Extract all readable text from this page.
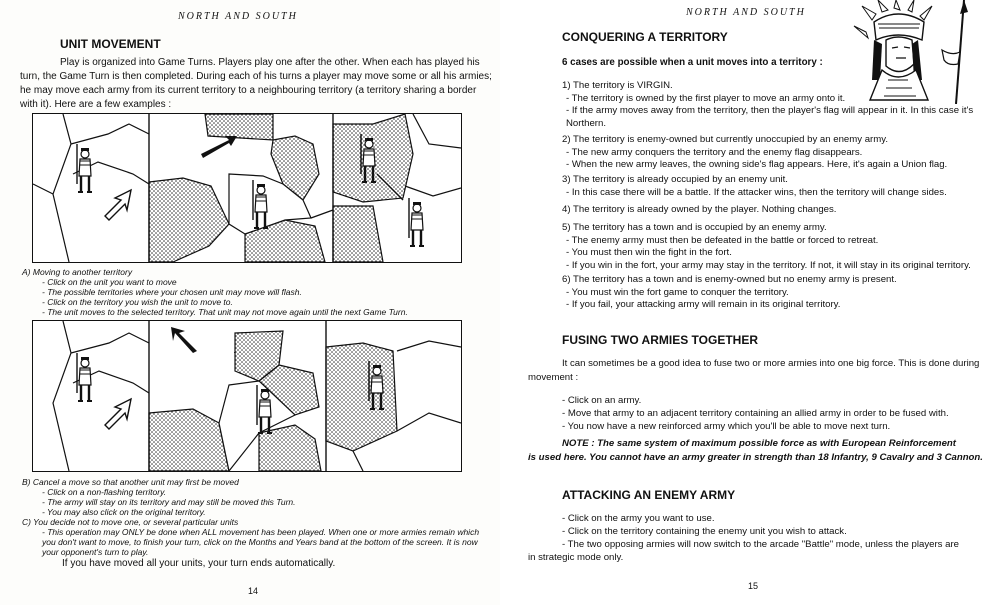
NORTH AND SOUTH
UNIT MOVEMENT
Play is organized into Game Turns. Players play one after the other. When each has played his
turn, the Game Turn is then completed. During each of his turns a player may move some or all his armies;
he may move each army from its current territory to a neighbouring territory (a territory sharing a border
with it). Here are a few examples :
A) Moving to another territory
- Click on the unit you want to move
- The possible territories where your chosen unit may move will flash.
- Click on the territory you wish the unit to move to.
- The unit moves to the selected territory. That unit may not move again until the next Game Turn.
· ·
B) Cancel a move so that another unit may first be moved
- Click on a non-flashing territory.
- The army will stay on its territory and may still be moved this Turn.
- You may also click on the original territory.
C) You decide not to move one, or several particular units
- This operation may ONLY be done when ALL movement has been played. When one or more armies remain which
you don't want to move, to finish your turn, click on the Months and Years band at the bottom of the screen. It is now
your opponent's turn to play.
If you have moved all your units, your turn ends automatically.
14
NORTH AND SOUTH
CONQUERING A TERRITORY
6 cases are possible when a unit moves into a territory :
1) The territory is VIRGIN.
- The territory is owned by the first player to move an army onto it.
- If the army moves away from the territory, then the player's flag will appear in it. In this case it's
Northern.
2) The territory is enemy-owned but currently unoccupied by an enemy army.
- The new army conquers the territory and the enemy flag disappears.
- When the new army leaves, the owning side's flag appears. Here, it's again a Union flag.
3) The territory is already occupied by an enemy unit.
- In this case there will be a battle. If the attacker wins, then the territory will change sides.
4) The territory is already owned by the player. Nothing changes.
5) The territory has a town and is occupied by an enemy army.
- The enemy army must then be defeated in the battle or forced to retreat.
- You must then win the fight in the fort.
- If you win in the fort, your army may stay in the territory. If not, it will stay in its original territory.
6) The territory has a town and is enemy-owned but no enemy army is present.
- You must win the fort game to conquer the territory.
- If you fail, your attacking army will remain in its original territory.
FUSING TWO ARMIES TOGETHER
It can sometimes be a good idea to fuse two or more armies into one big force. This is done during
movement :
- Click on an army.
- Move that army to an adjacent territory containing an allied army in order to be fused with.
- You now have a new reinforced army which you'll be able to move next turn.
NOTE : The same system of maximum possible force as with European Reinforcement
is used here. You cannot have an army greater in strength than 18 Infantry, 9 Cavalry and 3 Cannon.
ATTACKING AN ENEMY ARMY
- Click on the army you want to use.
- Click on the territory containing the enemy unit you wish to attack.
- The two opposing armies will now switch to the arcade "Battle" mode, unless the players are
in strategic mode only.
15
